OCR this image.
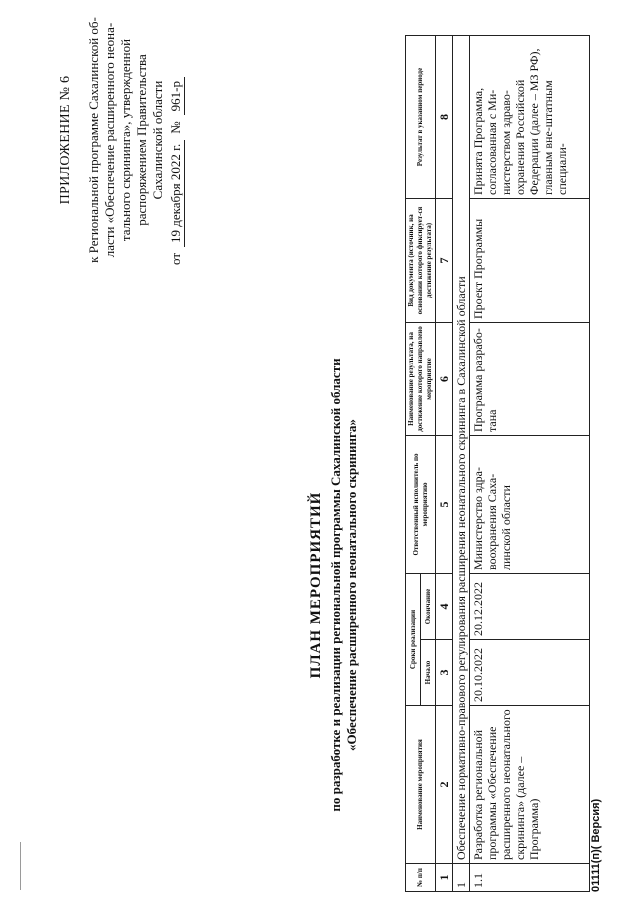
ПРИЛОЖЕНИЕ № 6 к Региональной программе Сахалинской об- ласти «Обеспечение расширенного неона- тального скрининга», утвержденной распоряжением Правительства Сахалинской области
от
19 декабря 2022 г.
№
961-р
ПЛАН МЕРОПРИЯТИЙ по разработке и реализации региональной программы Сахалинской области «Обеспечение расширенного неонатального скрининга»
№ п/п	Наименование мероприятия	Сроки реализации		Ответственный исполнитель по мероприятию	Наименование результата, на достижение которого направлено мероприятие	Вид документа (источник, на основании которого фиксирует-ся достижение результата)	Результат в указанном периоде
		Начало	Окончание				
1	2	3	4	5	6	7	8
1	Обеспечение нормативно-правового регулирования расширения неонатального скрининга в Сахалинской области						
1.1	Разработка региональной программы «Обеспечение расширенного неонатального скрининга» (далее – Программа)	20.10.2022	20.12.2022	Министерство здра-воохранения Саха-линской области	Программа разрабо-тана	Проект Программы	Принята Программа, согласованная с Ми-нистерством здраво-охранения Российской Федерации (далее – МЗ РФ), главным вне-штатным специали-
01111(п)( Версия)
